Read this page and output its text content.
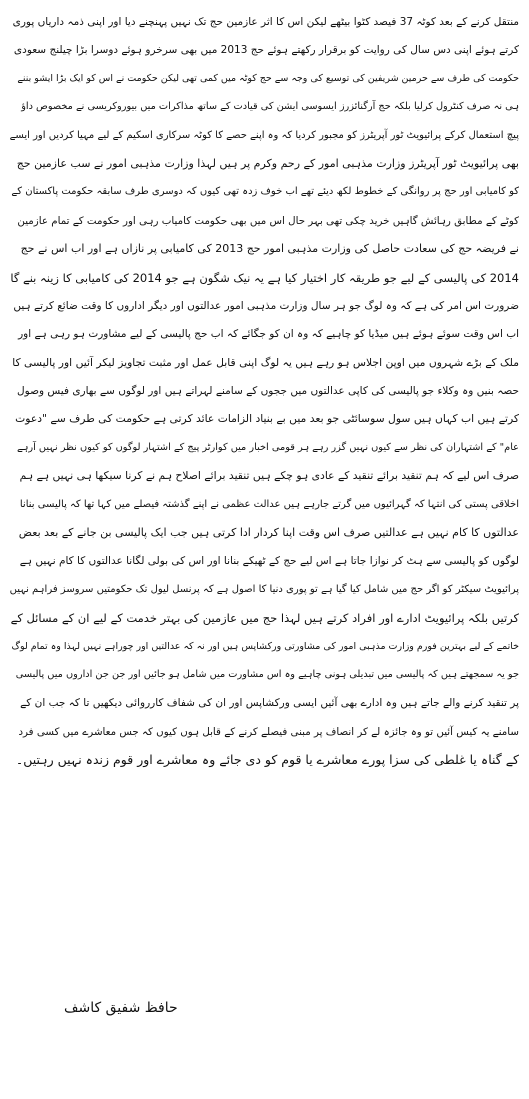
منتقل کرنے کے بعد کوٹہ 37 فیصد کٹوا بیٹھے لیکن اس کا اثر عازمین حج تک نہیں پہنچنے دیا اور اپنی ذمہ داریاں پوری
کرتے ہوئے اپنی دس سال کی روایت کو برقرار رکھتے ہوئے حج 2013 میں بھی سرخرو ہوئے دوسرا بڑا چیلنج سعودی
حکومت کی طرف سے حرمین شریفین کی توسیع کی وجہ سے حج کوٹہ میں کمی تھی لیکن حکومت نے اس کو ایک بڑا ایشو بننے
ہی نہ صرف کنٹرول کرلیا بلکہ حج آرگنائزرز ایسوسی ایشن کی قیادت کے ساتھ مذاکرات میں بیوروکریسی نے مخصوص داؤ
پیچ استعمال کرکے پرائیویٹ ٹور آپریٹرز کو مجبور کردیا کہ وہ اپنے حصے کا کوٹہ سرکاری اسکیم کے لیے مہیا کردیں اور ایسے
بھی پرائیویٹ ٹور آپریٹرز وزارت مذہبی امور کے رحم وکرم پر ہیں لہذا وزارت مذہبی امور نے سب عازمین حج
کو کامیابی اور حج پر روانگی کے خطوط لکھ دیئے تھے اب خوف زدہ تھی کیوں کہ دوسری طرف سابقہ حکومت پاکستان کے
کوٹے کے مطابق رہائش گاہیں خرید چکی تھی بہر حال اس میں بھی حکومت کامیاب رہی اور حکومت کے تمام عازمین
نے فریضہ حج کی سعادت حاصل کی وزارت مذہبی امور حج 2013 کی کامیابی پر نازاں ہے اور اب اس نے حج
2014 کی پالیسی کے لیے جو طریقہ کار اختیار کیا ہے یہ نیک شگون ہے جو 2014 کی کامیابی کا زینہ بنے گا
ضرورت اس امر کی ہے کہ وہ لوگ جو ہر سال وزارت مذہبی امور عدالتوں اور دیگر اداروں کا وقت ضائع کرتے ہیں
اب اس وقت سوئے ہوئے ہیں میڈیا کو چاہیے کہ وہ ان کو جگائے کہ اب حج پالیسی کے لیے مشاورت ہو رہی ہے اور
ملک کے بڑے شہروں میں اوپن اجلاس ہو رہے ہیں یہ لوگ اپنی قابل عمل اور مثبت تجاویز لیکر آئیں اور پالیسی کا
حصہ بنیں وہ وکلاء جو پالیسی کی کاپی عدالتوں میں ججوں کے سامنے لہراتے ہیں اور لوگوں سے بھاری فیس وصول
کرتے ہیں اب کہاں ہیں سول سوسائٹی جو بعد میں بے بنیاد الزامات عائد کرتی ہے حکومت کی طرف سے "دعوت
عام" کے اشتہاران کی نظر سے کیوں نہیں گزر رہے ہر قومی اخبار میں کوارٹر پیج کے اشتہار لوگوں کو کیوں نظر نہیں آرہے
صرف اس لیے کہ ہم تنقید برائے تنقید کے عادی ہو چکے ہیں تنقید برائے اصلاح ہم نے کرنا سیکھا ہی نہیں ہے ہم
اخلاقی پستی کی انتہا کہ گہرائیوں میں گرتے جارہے ہیں عدالت عظمی نے اپنے گذشتہ فیصلے میں کہا تھا کہ پالیسی بنانا
عدالتوں کا کام نہیں ہے عدالتیں صرف اس وقت اپنا کردار ادا کرتی ہیں جب ایک پالیسی بن جانے کے بعد بعض
لوگوں کو پالیسی سے ہٹ کر نوازا جاتا ہے اس لیے حج کے ٹھیکے بنانا اور اس کی بولی لگانا عدالتوں کا کام نہیں ہے
پرائیویٹ سیکٹر کو اگر حج میں شامل کیا گیا ہے تو پوری دنیا کا اصول ہے کہ پرنسل لیول تک حکومتیں سروسز فراہم نہیں
کرتیں بلکہ پرائیویٹ ادارے اور افراد کرتے ہیں لہذا حج میں عازمین کی بہتر خدمت کے لیے ان کے مسائل کے
خاتمے کے لیے بہترین فورم وزارت مذہبی امور کی مشاورتی ورکشاپس ہیں اور نہ کہ عدالتیں اور چوراہے نہیں لہذا وہ تمام لوگ
جو یہ سمجھتے ہیں کہ پالیسی میں تبدیلی ہونی چاہیے وہ اس مشاورت میں شامل ہو جائیں اور جن جن اداروں میں پالیسی
پر تنقید کرنے والے جاتے ہیں وہ ادارے بھی آئیں ایسی ورکشاپس اور ان کی شفاف کارروائی دیکھیں تا کہ جب ان کے
سامنے یہ کیس آئیں تو وہ جائزہ لے کر انصاف پر مبنی فیصلے کرنے کے قابل ہوں کیوں کہ جس معاشرے میں کسی فرد
کے گناہ یا غلطی کی سزا پورے معاشرے یا قوم کو دی جائے وہ معاشرے اور قوم زندہ نہیں رہتیں۔
حافظ شفیق کاشف
